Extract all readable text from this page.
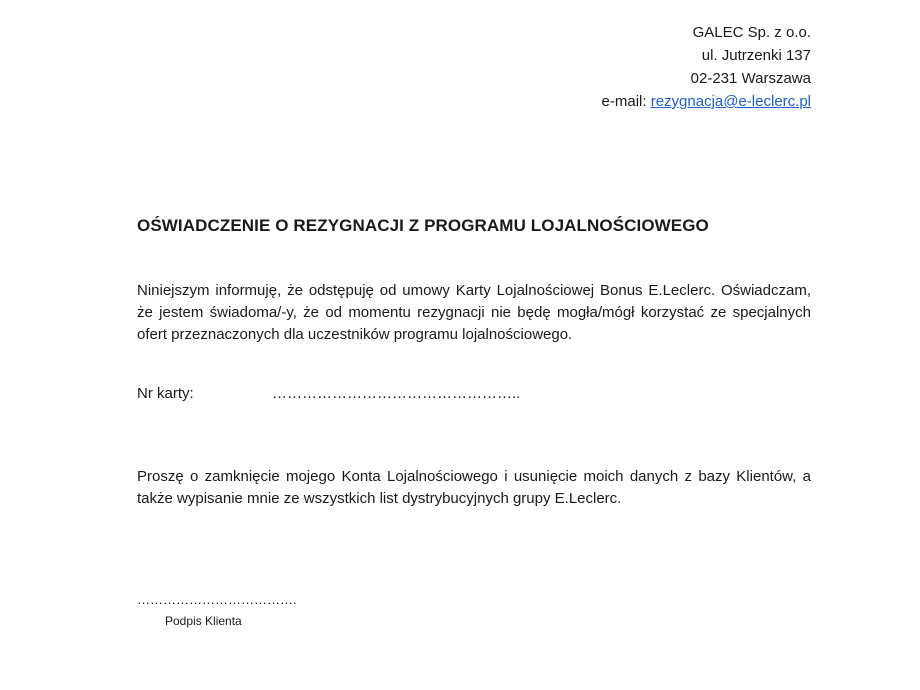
GALEC Sp. z o.o.
ul. Jutrzenki 137
02-231 Warszawa
e-mail: rezygnacja@e-leclerc.pl
OŚWIADCZENIE O REZYGNACJI Z PROGRAMU LOJALNOŚCIOWEGO
Niniejszym informuję, że odstępuję od umowy Karty Lojalnościowej Bonus E.Leclerc. Oświadczam,
że jestem świadoma/-y, że od momentu rezygnacji nie będę mogła/mógł korzystać ze specjalnych
ofert przeznaczonych dla uczestników programu lojalnościowego.
Nr karty:	…………………………………………..
Proszę o zamknięcie mojego Konta Lojalnościowego i usunięcie moich danych z bazy Klientów, a
także wypisanie mnie ze wszystkich list dystrybucyjnych grupy E.Leclerc.
……………………………….
Podpis Klienta
